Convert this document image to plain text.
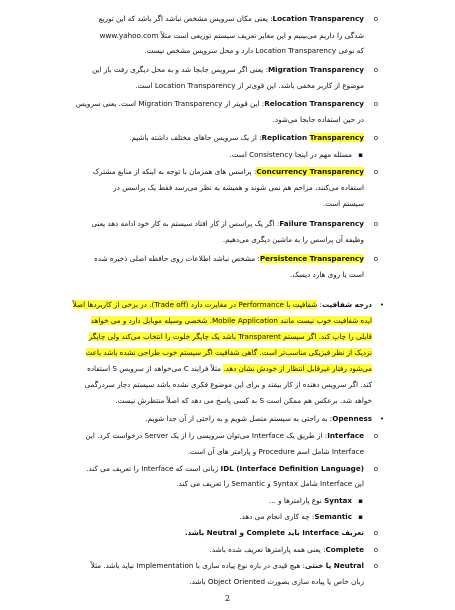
Location Transparency: یعنی مکان سرویس مشخص نباشد اگر باشد که این توزیع	o
شدگی را داریم می‌بینیم و این مغایر تعریف سیستم توزیعی است مثلاً www.yahoo.com
که نوعی Location Transparency دارد و محل سرویس مشخص نیست.
Migration Transparency: یعنی اگر سرویس جابجا شد و به محل دیگری رفت باز این	o
موضوع از کاربر مخفی باشد. این قوی‌تر از Location Transparency است.
Relocation Transparency: این قویتر از Migration Transparency است. یعنی سرویس	o
در حین استفاده جابجا می‌شود.
Replication Transparency: از یک سرویس جاهای مختلف داشته باشیم.	o
مسئله مهم در اینجا Consistency است. ▪
Concurrency Transparency: پراسس های همزمان با توجه به اینکه از منابع مشترک	o
استفاده می‌کنند، مزاحم هم نمی شوند و همیشه به نظر می‌رسد فقط یک پراسس در
سیستم است.
Failure Transparency: اگر یک پراسس از کار افتاد سیستم به کار خود ادامه دهد یعنی	o
وظیفه آن پراسس را به ماشین دیگری می‌دهیم.
Persistence Transparency: مشخص نباشد اطلاعات روی حافظه اصلی ذخیره شده	o
است یا روی هارد دیسک.
درجه شفافیت: شفافیت با Performance در مغایرت دارد (Trade off). در برخی از کاربردها اصلاً	•
ایده شفافیت خوب نیست مانند Mobile Application. شخصی وسیله موبایل دارد و می خواهد
قایلی را چاپ کند. اگر سیستم Transparent باشد یک چاپگر خلوت را انتخاب می‌کند ولی چاپگر
نزدیک از نظر فیزیکی مناسب‌تر است. گاهی شفافیت اگر سیستم خوب طراحی نشده باشد باعث
می‌شود رفتار غیرقابل انتظار از خودش نشان دهد. مثلاً فرایند C می‌خواهد از سرویس S استفاده
کند. اگر سرویس دهنده از کار بیفتد و برای این موضوع فکری نشده باشد سیستم دچار سردرگمی
خواهد شد. برعکس هم ممکن است S به کسی پاسخ می دهد که اصلاً منتظرش نیست.
Openness: به راحتی به سیستم متصل شویم و به راحتی از آن جدا شویم.	•
Interface: از طریق یک Interface می‌توان سرویسی را از یک Server درخواست کرد. این	o
Interface شامل اسم Procedure و پارامتر های آن است.
IDL (Interface Definition Language) زبانی است که Interface را تعریف می کند.	o
این Interface شامل Syntax و Semantic را تعریف می کند.
Syntax نوع پارامترها و ...	▪
Semantic: چه کاری انجام می دهد.	▪
تعریف Interface باید Complete و Neutral باشد. o
Complete: یعنی همه پارامترها تعریف شده باشد.	o
Neutral یا خنثی: هیچ قیدی در باره نوع پیاده سازی با Implementation نباید باشد. مثلاً	o
زبان خاص یا پیاده سازی بصورت Object Oriented باشد.
2
